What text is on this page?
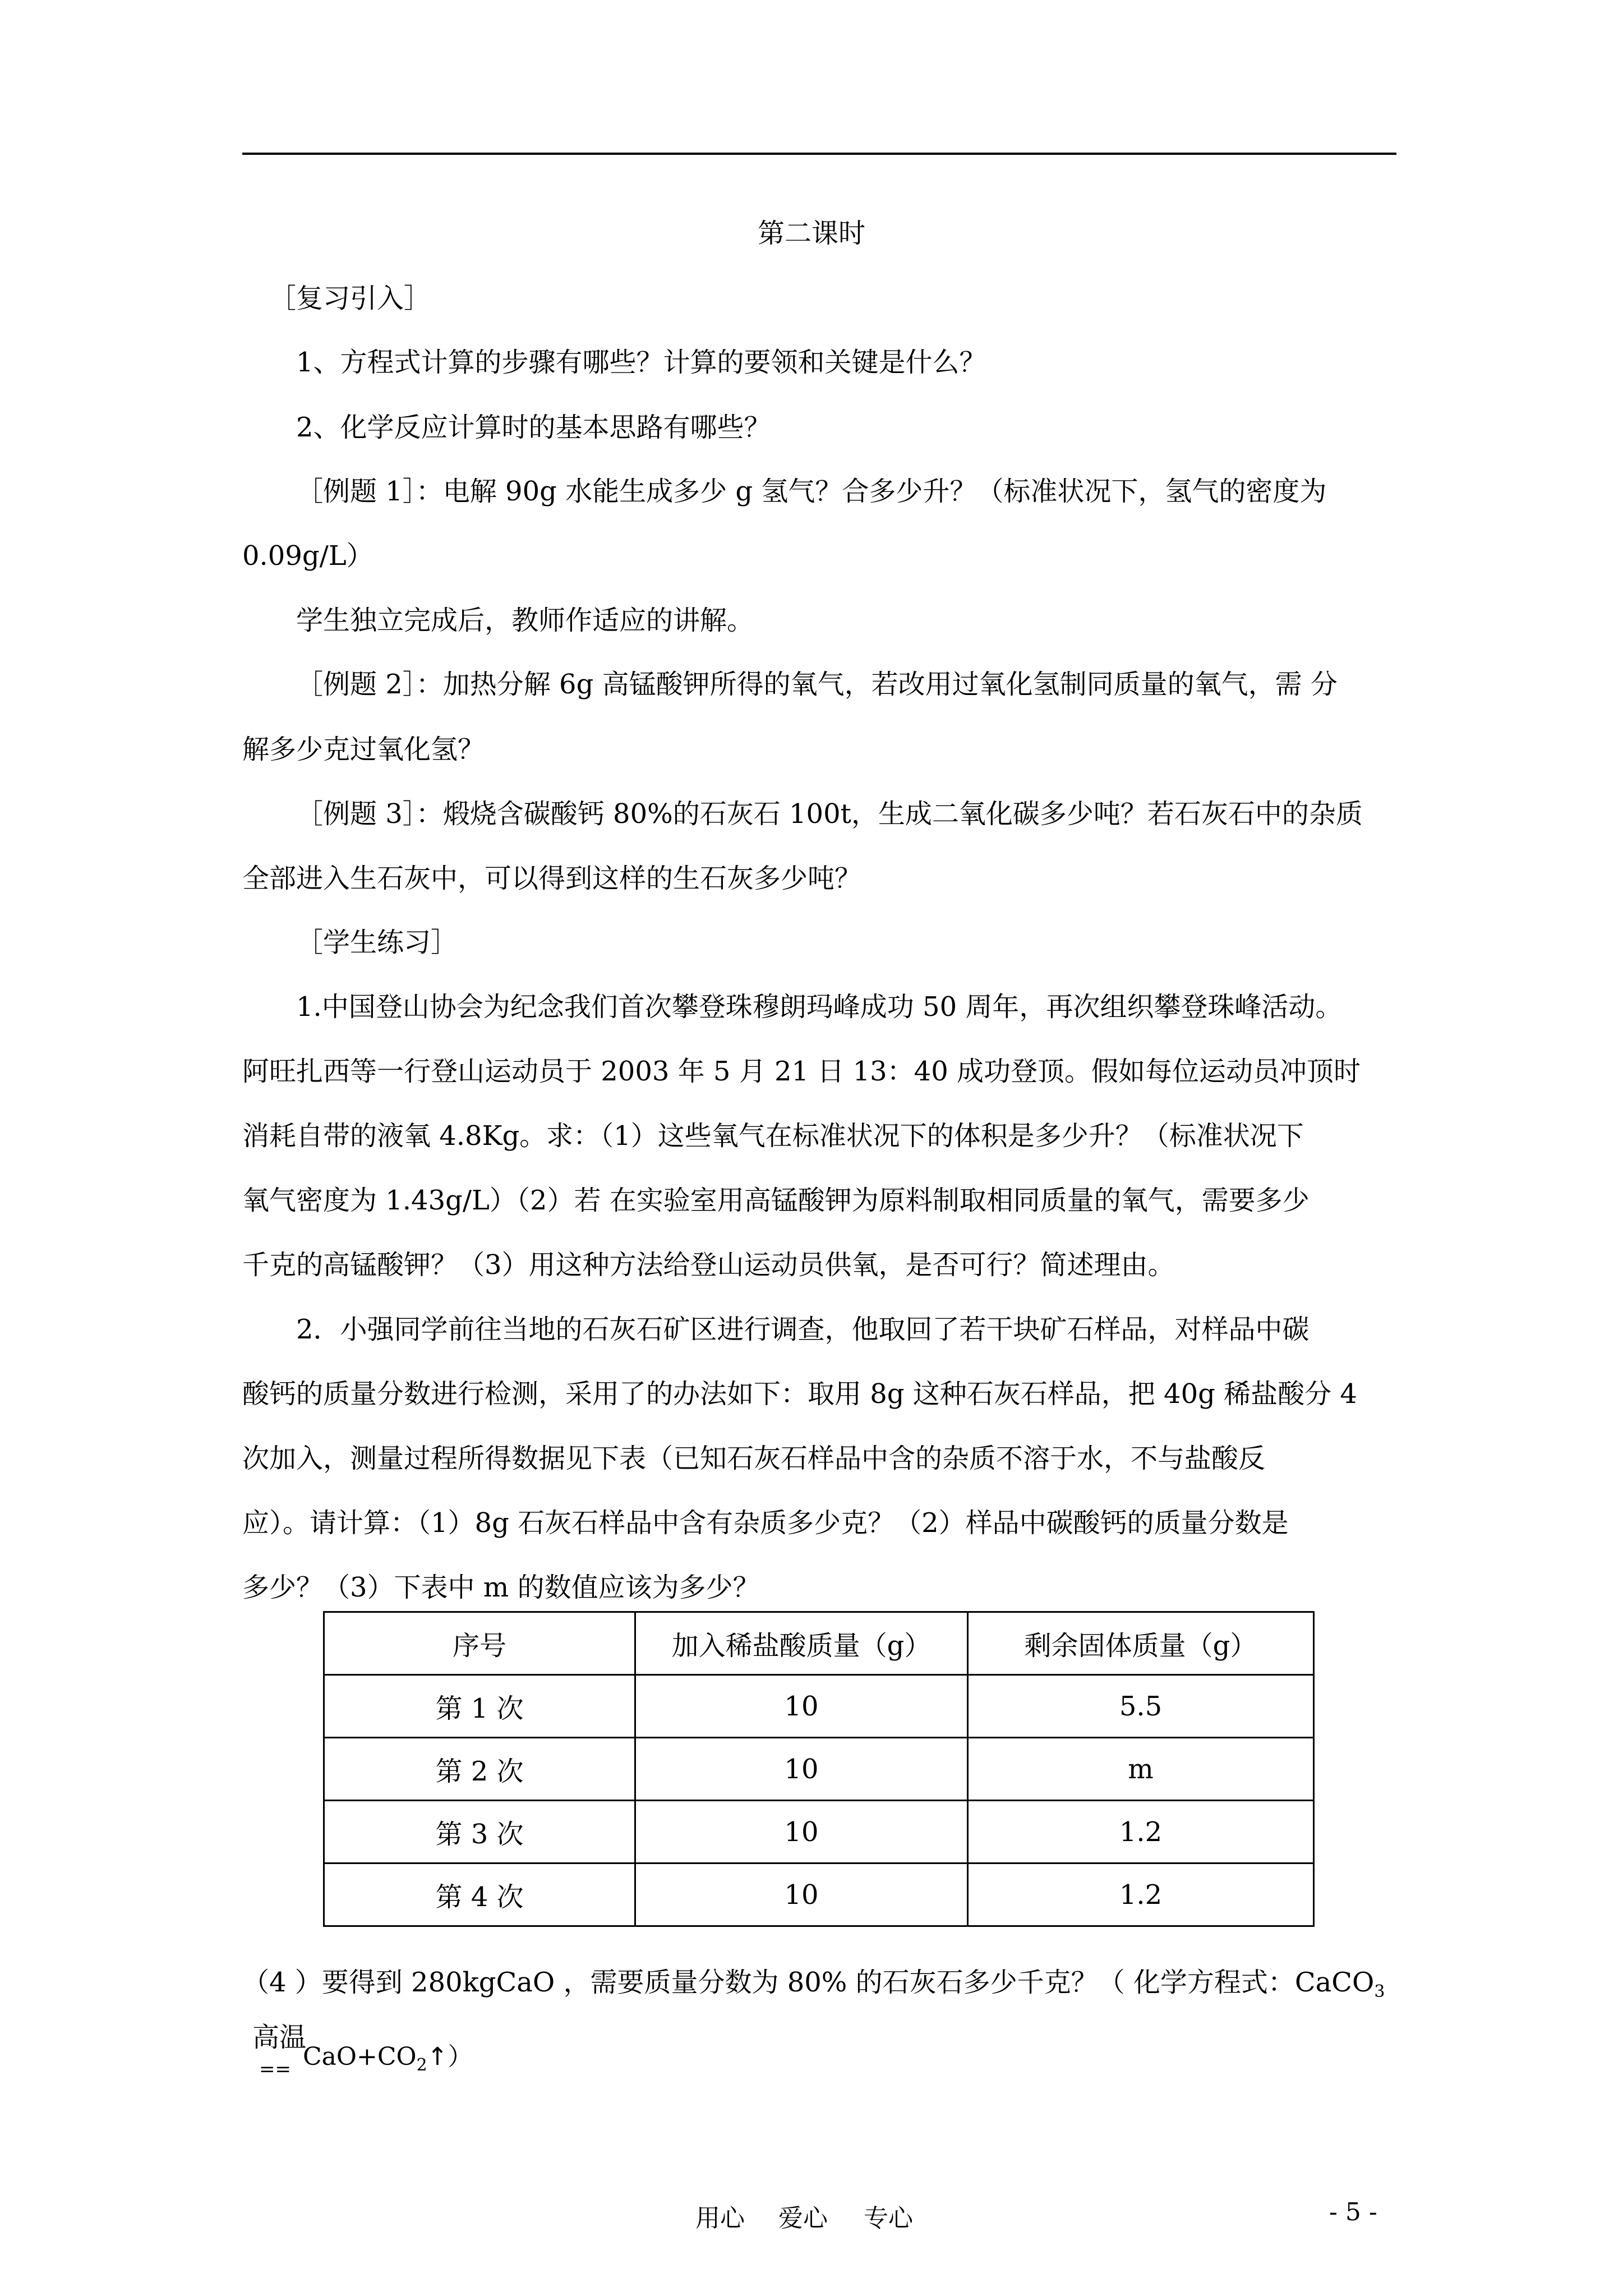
第二课时
［复习引入］
1、方程式计算的步骤有哪些？计算的要领和关键是什么？
2、化学反应计算时的基本思路有哪些？
［例题 1］：电解 90g 水能生成多少 g 氢气？合多少升？（标准状况下，氢气的密度为
0.09g/L）
学生独立完成后，教师作适应的讲解。
［例题 2］：加热分解 6g 高锰酸钾所得的氧气，若改用过氧化氢制同质量的氧气，需 分
解多少克过氧化氢？
［例题 3］：煅烧含碳酸钙 80%的石灰石 100t，生成二氧化碳多少吨？若石灰石中的杂质
全部进入生石灰中，可以得到这样的生石灰多少吨？
［学生练习］
1.中国登山协会为纪念我们首次攀登珠穆朗玛峰成功 50 周年，再次组织攀登珠峰活动。
阿旺扎西等一行登山运动员于 2003 年 5 月 21 日 13：40 成功登顶。假如每位运动员冲顶时
消耗自带的液氧 4.8Kg。求：（1）这些氧气在标准状况下的体积是多少升？（标准状况下
氧气密度为 1.43g/L）（2）若 在实验室用高锰酸钾为原料制取相同质量的氧气，需要多少
千克的高锰酸钾？（3）用这种方法给登山运动员供氧，是否可行？简述理由。
2．小强同学前往当地的石灰石矿区进行调查，他取回了若干块矿石样品，对样品中碳
酸钙的质量分数进行检测，采用了的办法如下：取用 8g 这种石灰石样品，把 40g 稀盐酸分 4
次加入，测量过程所得数据见下表（已知石灰石样品中含的杂质不溶于水，不与盐酸反
应）。请计算：（1）8g 石灰石样品中含有杂质多少克？（2）样品中碳酸钙的质量分数是
多少？（3）下表中 m 的数值应该为多少？
序号	加入稀盐酸质量（g）	剩余固体质量（g）
第 1 次	10	5.5
第 2 次	10	m
第 3 次	10	1.2
第 4 次	10	1.2
（4 ）要得到 280kgCaO ，需要质量分数为 80% 的石灰石多少千克？（ 化学方程式：CaCO$_3$
高温
== $CaO+CO_2↑$）
用心 爱心 专心	- 5 -
